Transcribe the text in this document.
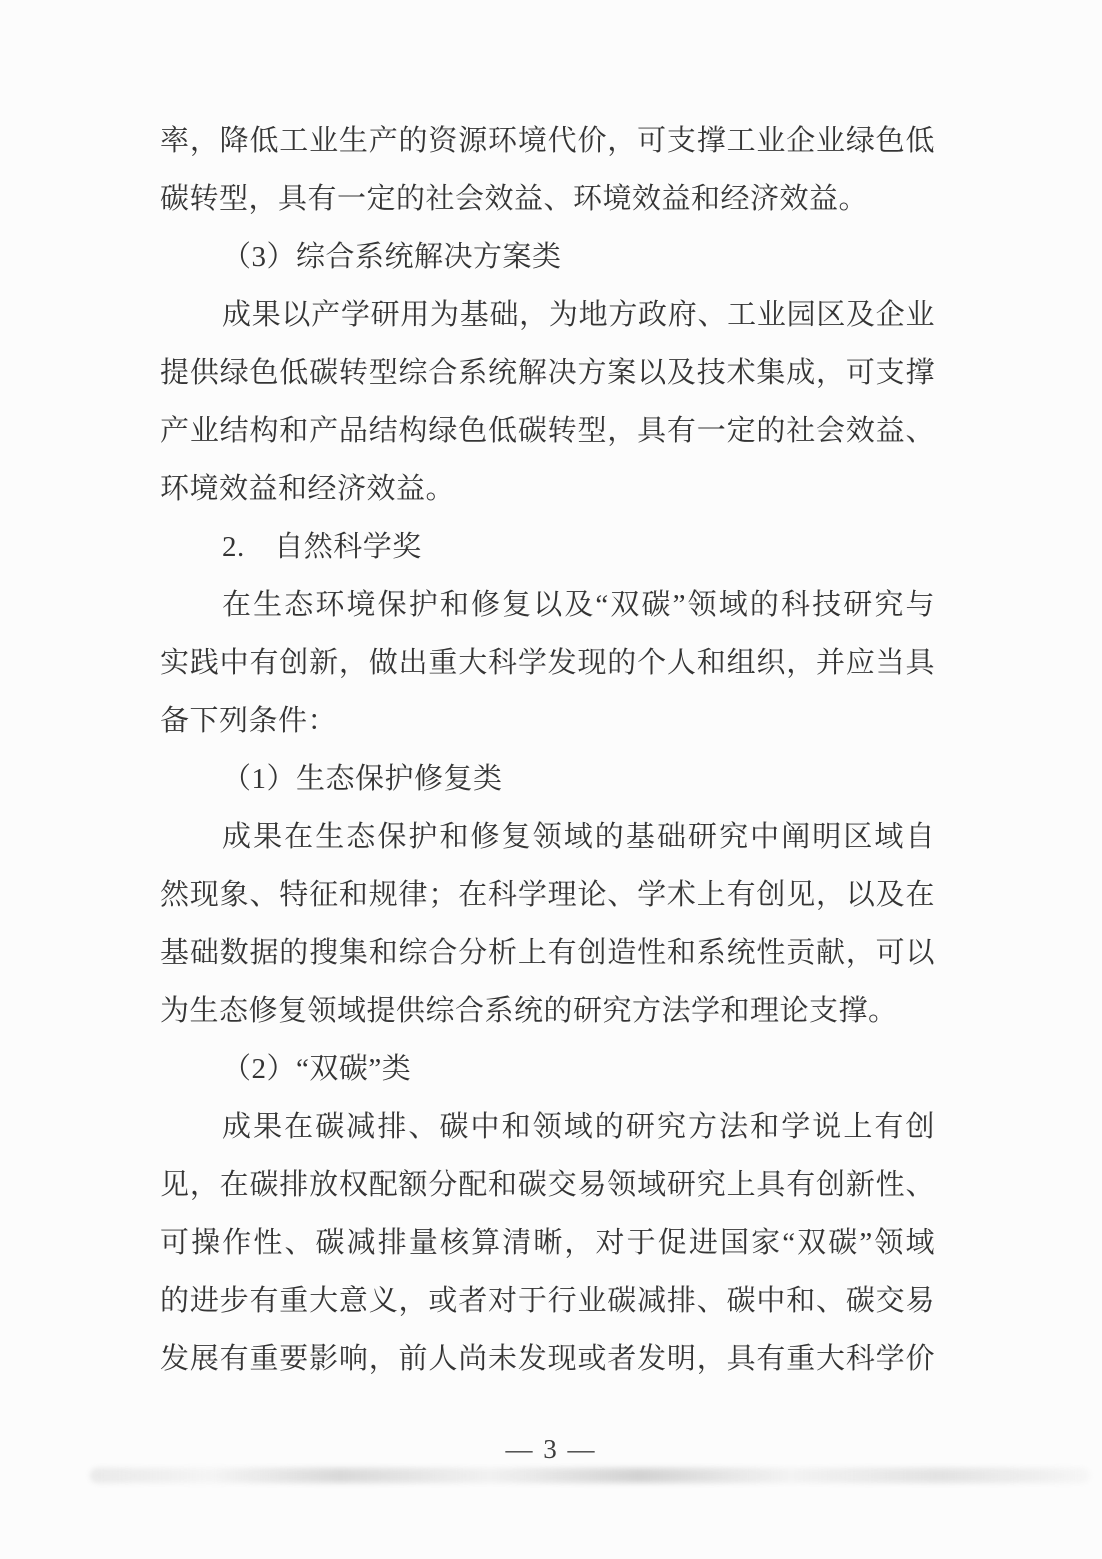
率，降低工业生产的资源环境代价，可支撑工业企业绿色低
碳转型，具有一定的社会效益、环境效益和经济效益。
（3）综合系统解决方案类
成果以产学研用为基础，为地方政府、工业园区及企业
提供绿色低碳转型综合系统解决方案以及技术集成，可支撑
产业结构和产品结构绿色低碳转型，具有一定的社会效益、
环境效益和经济效益。
2.　自然科学奖
在生态环境保护和修复以及“双碳”领域的科技研究与
实践中有创新，做出重大科学发现的个人和组织，并应当具
备下列条件：
（1）生态保护修复类
成果在生态保护和修复领域的基础研究中阐明区域自
然现象、特征和规律；在科学理论、学术上有创见，以及在
基础数据的搜集和综合分析上有创造性和系统性贡献，可以
为生态修复领域提供综合系统的研究方法学和理论支撑。
（2）“双碳”类
成果在碳减排、碳中和领域的研究方法和学说上有创
见，在碳排放权配额分配和碳交易领域研究上具有创新性、
可操作性、碳减排量核算清晰，对于促进国家“双碳”领域
的进步有重大意义，或者对于行业碳减排、碳中和、碳交易
发展有重要影响，前人尚未发现或者发明，具有重大科学价
— 3 —
